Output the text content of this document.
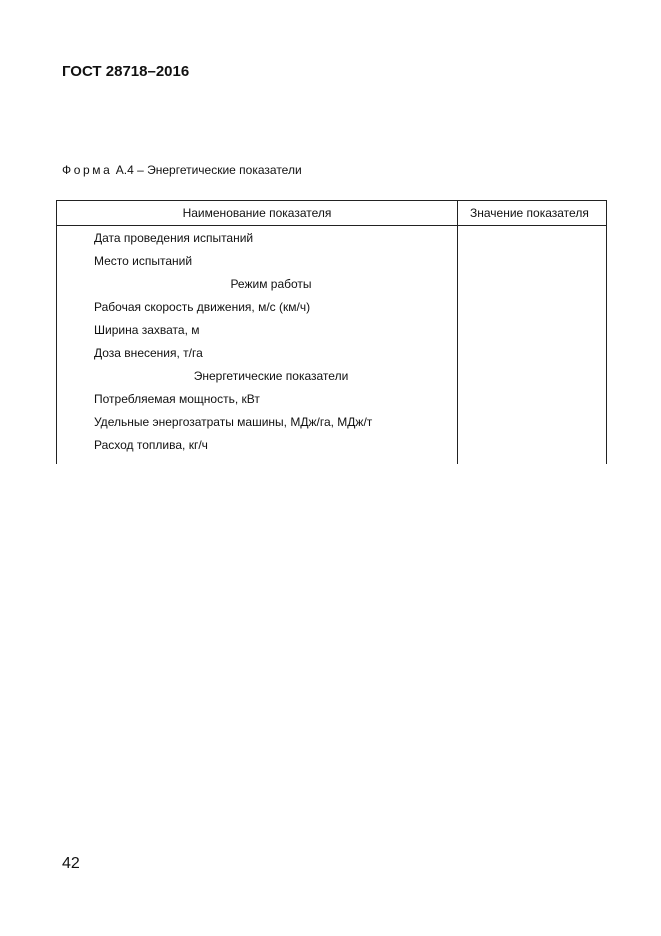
ГОСТ 28718–2016
Форма А.4 – Энергетические показатели
Наименование показателя	Значение показателя
Дата проведения испытаний	
Место испытаний	
Режим работы	
Рабочая скорость движения, м/с (км/ч)	
Ширина захвата, м	
Доза внесения, т/га	
Энергетические показатели	
Потребляемая мощность, кВт	
Удельные энергозатраты машины, МДж/га, МДж/т	
Расход топлива, кг/ч	

42
